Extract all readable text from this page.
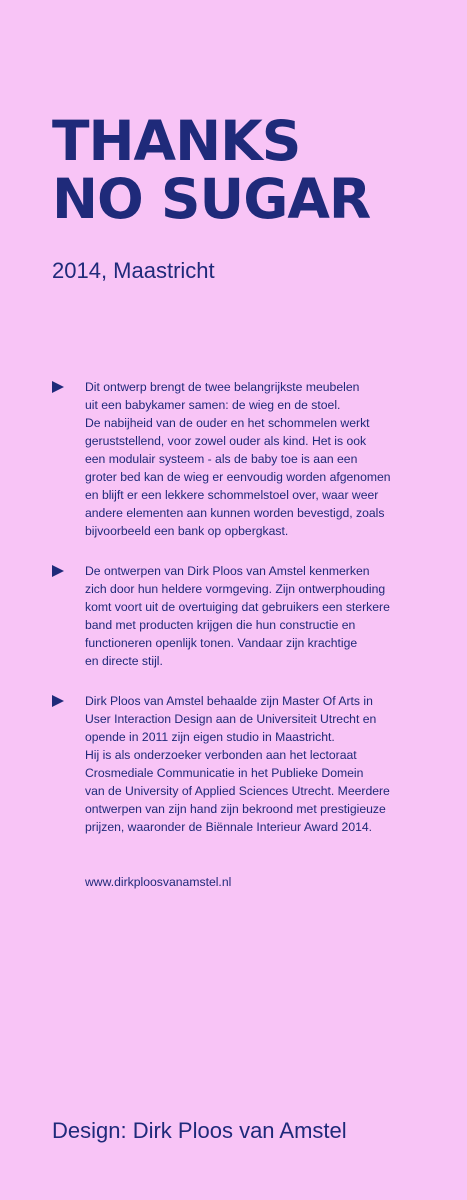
THANKS
NO SUGAR
2014, Maastricht
Dit ontwerp brengt de twee belangrijkste meubelen
uit een babykamer samen: de wieg en de stoel.
De nabijheid van de ouder en het schommelen werkt
geruststellend, voor zowel ouder als kind. Het is ook
een modulair systeem - als de baby toe is aan een
groter bed kan de wieg er eenvoudig worden afgenomen
en blijft er een lekkere schommelstoel over, waar weer
andere elementen aan kunnen worden bevestigd, zoals
bijvoorbeeld een bank op opbergkast.
De ontwerpen van Dirk Ploos van Amstel kenmerken
zich door hun heldere vormgeving. Zijn ontwerphouding
komt voort uit de overtuiging dat gebruikers een sterkere
band met producten krijgen die hun constructie en
functioneren openlijk tonen. Vandaar zijn krachtige
en directe stijl.
Dirk Ploos van Amstel behaalde zijn Master Of Arts in
User Interaction Design aan de Universiteit Utrecht en
opende in 2011 zijn eigen studio in Maastricht.
Hij is als onderzoeker verbonden aan het lectoraat
Crosmediale Communicatie in het Publieke Domein
van de University of Applied Sciences Utrecht. Meerdere
ontwerpen van zijn hand zijn bekroond met prestigieuze
prijzen, waaronder de Biënnale Interieur Award 2014.
www.dirkploosvanamstel.nl
Design: Dirk Ploos van Amstel
